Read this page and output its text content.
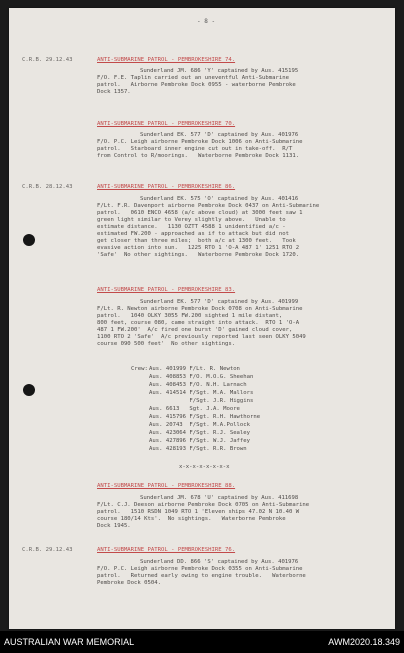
- 8 -
C.R.B. 29.12.43
C.R.B. 28.12.43
C.R.B. 29.12.43
ANTI-SUBMARINE PATROL - PEMBROKESHIRE 74.
Sunderland JM. 686 'Y' captained by Aus. 415195
F/O. F.E. Taplin carried out an uneventful Anti-Submarine
patrol.   Airborne Pembroke Dock 0955 - waterborne Pembroke
Dock 1357.
ANTI-SUBMARINE PATROL - PEMBROKESHIRE 70.
Sunderland EK. 577 'D' captained by Aus. 401976
F/O. P.C. Leigh airborne Pembroke Dock 1006 on Anti-Submarine
patrol.   Starboard inner engine cut out in take-off.  R/T
from Control to R/moorings.   Waterborne Pembroke Dock 1131.
ANTI-SUBMARINE PATROL - PEMBROKESHIRE 86.
Sunderland EK. 575 'O' captained by Aus. 401416
F/Lt. F.R. Davenport airborne Pembroke Dock 0437 on Anti-Submarine
patrol.   0610 ENCO 4658 (a/c above cloud) at 3000 feet saw 1
green light similar to Verey slightly above.   Unable to
estimate distance.   1130 OZTT 4588 1 unidentified a/c -
estimated FW.200 - approached as if to attack but did not
get closer than three miles;  both a/c at 1300 feet.   Took
evasive action into sun.   1225 RTO 1 'O-A 487 1' 1251 RTO 2
'Safe'  No other sightings.   Waterborne Pembroke Dock 1720.
ANTI-SUBMARINE PATROL - PEMBROKESHIRE 83.
Sunderland EK. 577 'D' captained by Aus. 401999
F/Lt. R. Newton airborne Pembroke Dock 0708 on Anti-Submarine
patrol.   1040 OLKY 3055 FW.200 sighted 1 mile distant,
800 feet, course 080, came straight into attack.  RTO 1 'O-A
487 1 FW.200'  A/c fired one burst 'D' gained cloud cover,
1100 RTO 2 'Safe'  A/c previously reported last seen OLKY 5049
course 090 500 feet'  No other sightings.
Crew: Aus. 401999 F/Lt. R. Newton
Aus. 408853 F/O. M.O.G. Sheehan
Aus. 408453 F/O. N.H. Larnach
Aus. 414514 F/Sgt. M.A. Mallors
F/Sgt. J.R. Higgins
Aus. 6613   Sgt. J.A. Moore
Aus. 415796 F/Sgt. R.H. Hawthorne
Aus. 20743  F/Sgt. M.A.Pollock
Aus. 423064 F/Sgt. R.J. Sealey
Aus. 427896 F/Sgt. W.J. Jaffey
Aus. 428193 F/Sgt. R.R. Brown
x-x-x-x-x-x-x-x
ANTI-SUBMARINE PATROL - PEMBROKESHIRE 88.
Sunderland JM. 678 'U' captained by Aus. 411698
F/Lt. C.J. Deeson airborne Pembroke Dock 0705 on Anti-Submarine
patrol.   1510 RSDN 1049 RTO 1 'Eleven ships 47.02 N 10.40 W
course 180/14 Kts'.  No sightings.   Waterborne Pembroke
Dock 1945.
ANTI-SUBMARINE PATROL - PEMBROKESHIRE 76.
Sunderland DD. 866 'S' captained by Aus. 401976
F/O. P.C. Leigh airborne Pembroke Dock 0355 on Anti-Submarine
patrol.   Returned early owing to engine trouble.   Waterborne
Pembroke Dock 0504.
AUSTRALIAN WAR MEMORIAL	AWM2020.18.349
